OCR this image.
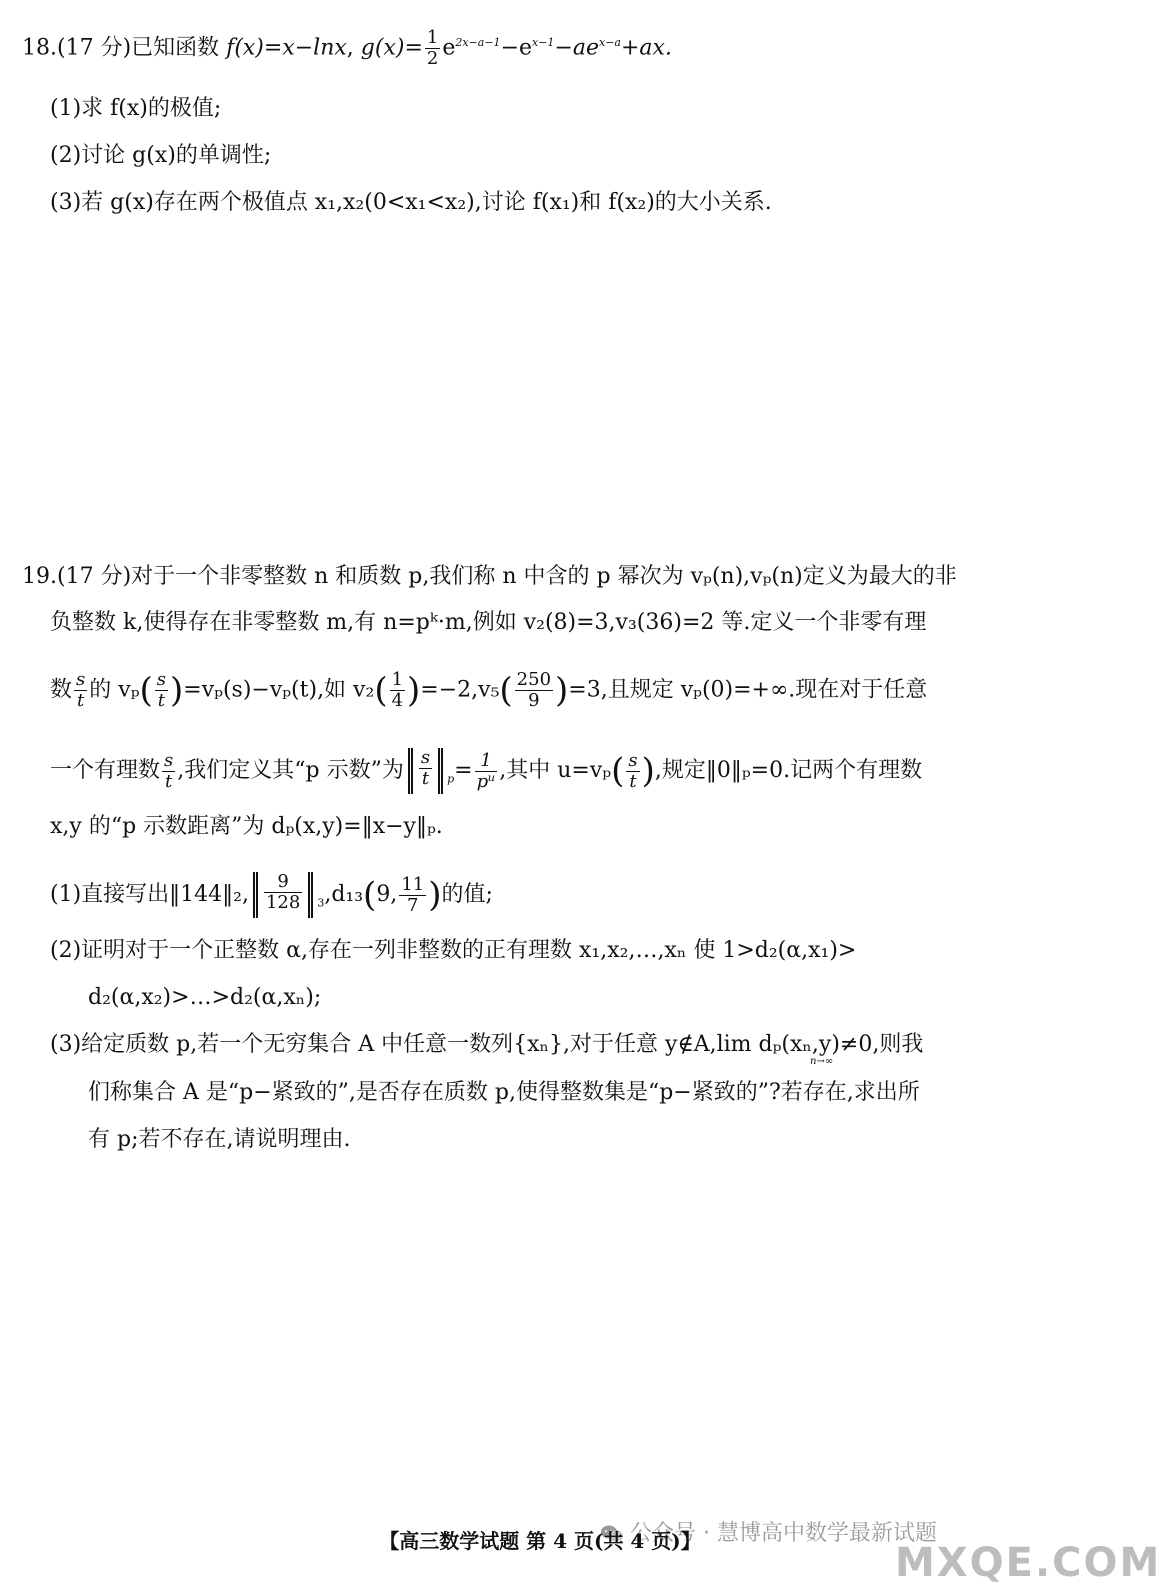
18.(17 分)已知函数 f(x)=x−lnx, $g(x)= \frac{1}{2} e^{2x-a-1}-e^{x-1}-ae^{x-a}+ax$.
(1)求 f(x)的极值;
(2)讨论 g(x)的单调性;
(3)若 g(x)存在两个极值点 x₁,x₂(0<x₁<x₂),讨论 f(x₁)和 f(x₂)的大小关系.
19.(17 分)对于一个非零整数 n 和质数 p,我们称 n 中含的 p 幂次为 vₚ(n),vₚ(n)定义为最大的非
负整数 k,使得存在非零整数 m,有 n=pᵏ·m,例如 v₂(8)=3,v₃(36)=2 等.定义一个非零有理
数 $\frac{s}{t}$ 的 $v_p( \frac{s}{t} )=v_p(s)-v_p(t)$,如 $v_2( \frac{1}{4} )=-2,v_5( \frac{250}{9} )=3$,且规定 vₚ(0)=+∞.现在对于任意
一个有理数 $\frac{s}{t}$ ,我们定义其“p 示数”为 $\frac{s}{t} _p= \frac{1}{\text{pᵘ}}$ ,其中 $u=v_p( \frac{s}{t}$ ),规定‖0‖ₚ=0.记两个有理数
x,y 的“p 示数距离”为 dₚ(x,y)=‖x−y‖ₚ.
(1)直接写出‖144‖₂, $\frac{9}{128} _3,d_{13}(9$, $\frac{11}{7}$ )的值;
(2)证明对于一个正整数 α,存在一列非整数的正有理数 x₁,x₂,…,xₙ 使 1>d₂(α,x₁)>
d₂(α,x₂)>…>d₂(α,xₙ);
(3)给定质数 p,若一个无穷集合 A 中任意一数列{xₙ},对于任意 y∉A,lim dₚ(xₙ,y)≠0,则我
n→∞
们称集合 A 是“p−紧致的”,是否存在质数 p,使得整数集是“p−紧致的”?若存在,求出所
有 p;若不存在,请说明理由.
公众号 · 慧博高中数学最新试题
MXQE.COM
【高三数学试题 第 4 页(共 4 页)】
